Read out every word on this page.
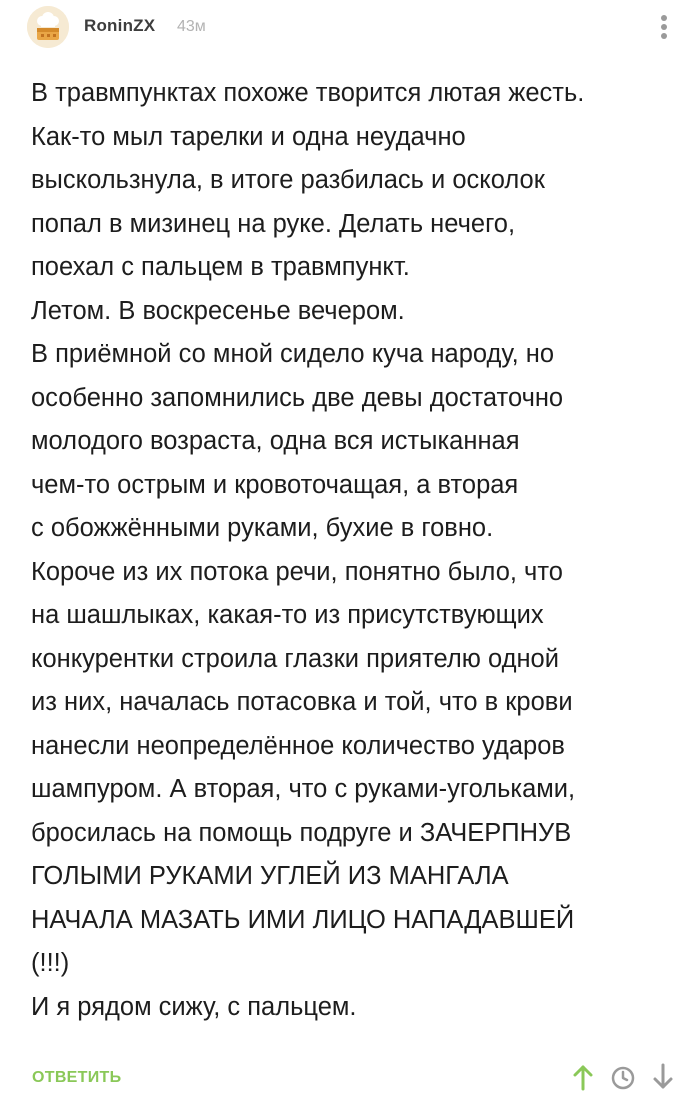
RoninZX 43м
В травмпунктах похоже творится лютая жесть.
Как-то мыл тарелки и одна неудачно
выскользнула, в итоге разбилась и осколок
попал в мизинец на руке. Делать нечего,
поехал с пальцем в травмпункт.
Летом. В воскресенье вечером.
В приёмной со мной сидело куча народу, но
особенно запомнились две девы достаточно
молодого возраста, одна вся истыканная
чем-то острым и кровоточащая, а вторая
с обожжёнными руками, бухие в говно.
Короче из их потока речи, понятно было, что
на шашлыках, какая-то из присутствующих
конкурентки строила глазки приятелю одной
из них, началась потасовка и той, что в крови
нанесли неопределённое количество ударов
шампуром. А вторая, что с руками-угольками,
бросилась на помощь подруге и ЗАЧЕРПНУВ
ГОЛЫМИ РУКАМИ УГЛЕЙ ИЗ МАНГАЛА
НАЧАЛА МАЗАТЬ ИМИ ЛИЦО НАПАДАВШЕЙ
(!!!)
И я рядом сижу, с пальцем.
ОТВЕТИТЬ
